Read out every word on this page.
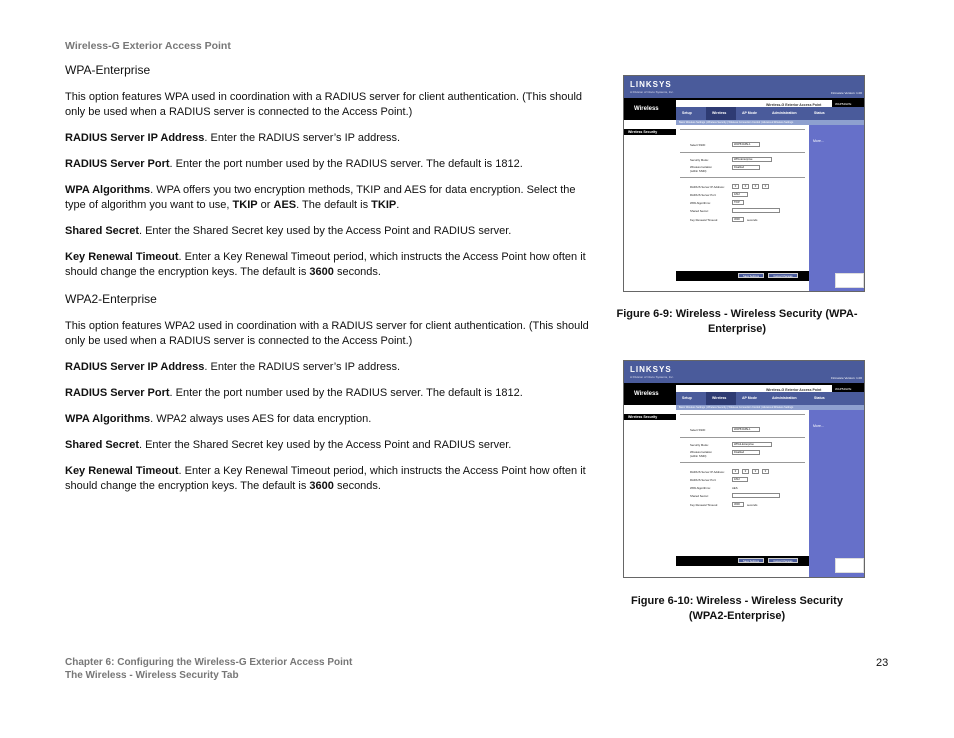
Wireless-G Exterior Access Point
WPA-Enterprise

This option features WPA used in coordination with a RADIUS server for client authentication. (This should only be used when a RADIUS server is connected to the Access Point.)

RADIUS Server IP Address. Enter the RADIUS server’s IP address.

RADIUS Server Port. Enter the port number used by the RADIUS server. The default is 1812.

WPA Algorithms. WPA offers you two encryption methods, TKIP and AES for data encryption. Select the type of algorithm you want to use, TKIP or AES. The default is TKIP.

Shared Secret. Enter the Shared Secret key used by the Access Point and RADIUS server.

Key Renewal Timeout. Enter a Key Renewal Timeout period, which instructs the Access Point how often it should change the encryption keys. The default is 3600 seconds.

WPA2-Enterprise

This option features WPA2 used in coordination with a RADIUS server for client authentication. (This should only be used when a RADIUS server is connected to the Access Point.)

RADIUS Server IP Address. Enter the RADIUS server’s IP address.

RADIUS Server Port. Enter the port number used by the RADIUS server. The default is 1812.

WPA Algorithms. WPA2 always uses AES for data encryption.

Shared Secret. Enter the Shared Secret key used by the Access Point and RADIUS server.

Key Renewal Timeout. Enter a Key Renewal Timeout period, which instructs the Access Point how often it should change the encryption keys. The default is 3600 seconds.

LINKSYS
A Division of Cisco Systems, Inc.	Firmware Version: 1.00
Wireless
Wireless-G Exterior Access Point	WAP54GPE
Setup	Wireless	AP Mode	Administration	Status
Basic Wireless Settings | Wireless Security | Wireless Connection Control | Advanced Wireless Settings
Wireless Security
Select SSID:	WAP54GPE-1
Security Mode:	WPA-Enterprise
Wireless Isolation
(within SSID):
Disabled
RADIUS Server IP Address:	0	0	0	0
RADIUS Server Port:	1812
WPA Algorithms:	TKIP
Shared Secret:
Key Renewal Timeout:	3600	seconds
Save Settings	Cancel Changes
More...
Figure 6-9: Wireless - Wireless Security (WPA-Enterprise)
LINKSYS
A Division of Cisco Systems, Inc.	Firmware Version: 1.00
Wireless
Wireless-G Exterior Access Point	WAP54GPE
Setup	Wireless	AP Mode	Administration	Status
Basic Wireless Settings | Wireless Security | Wireless Connection Control | Advanced Wireless Settings
Wireless Security
Select SSID:	WAP54GPE-1
Security Mode:	WPA2-Enterprise
Wireless Isolation
(within SSID):
Disabled
RADIUS Server IP Address:	0	0	0	0
RADIUS Server Port:	1812
WPA Algorithms:	AES
Shared Secret:
Key Renewal Timeout:	3600	seconds
Save Settings	Cancel Changes
More...
Figure 6-10: Wireless - Wireless Security (WPA2-Enterprise)
Chapter 6: Configuring the Wireless-G Exterior Access Point
The Wireless - Wireless Security Tab
23
